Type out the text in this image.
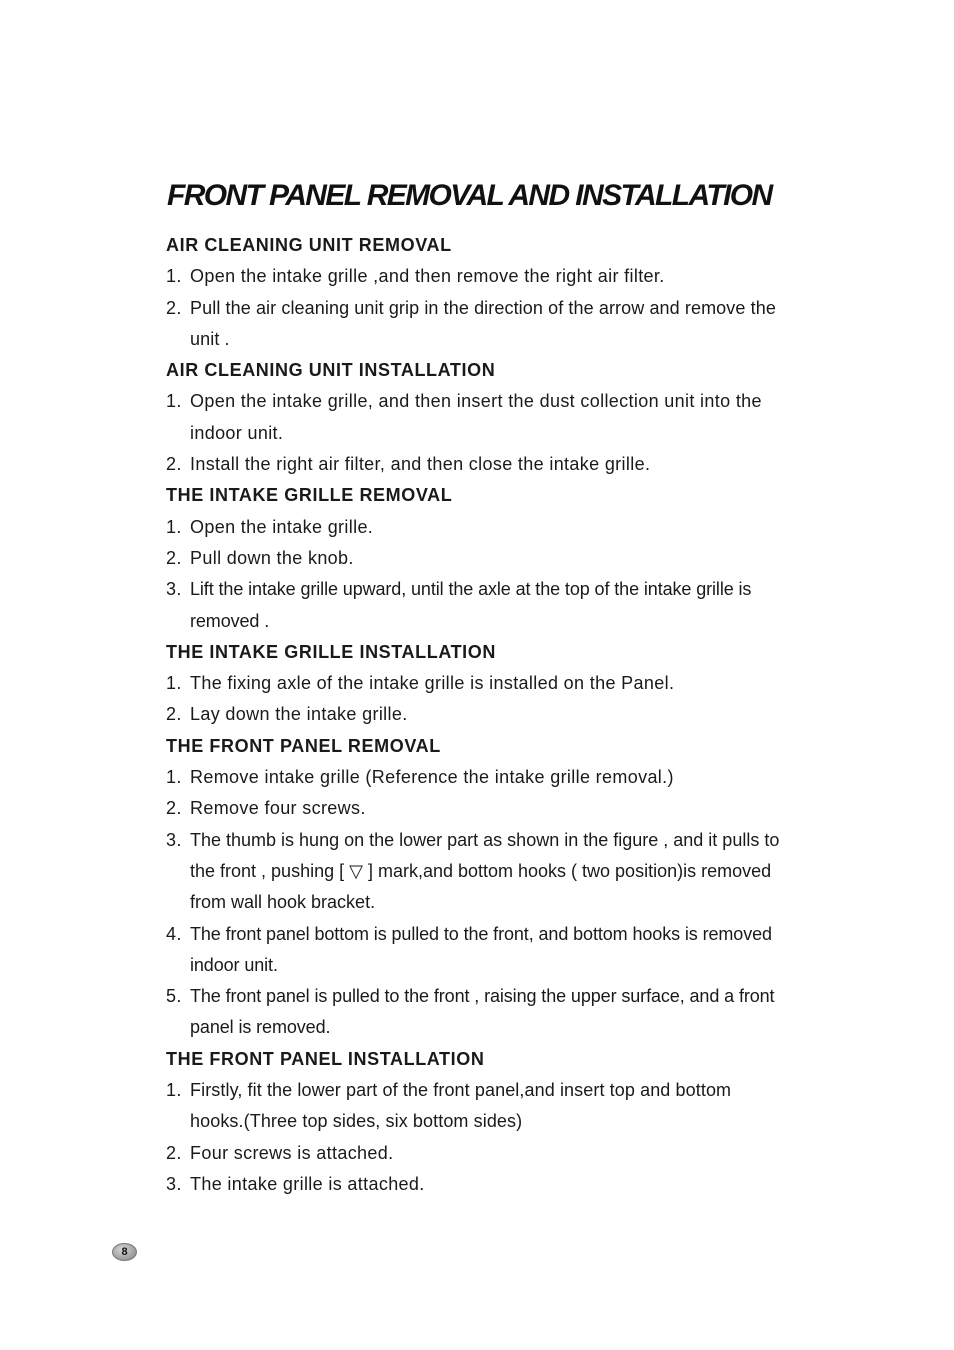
FRONT PANEL REMOVAL AND INSTALLATION
AIR CLEANING UNIT REMOVAL
1. Open the intake grille ,and then remove the right air filter.
2. Pull the air cleaning unit grip in the direction of the arrow and remove the unit .
AIR CLEANING UNIT INSTALLATION
1. Open the intake grille, and then insert the dust collection unit into the indoor unit.
2. Install the right air filter, and then close the intake grille.
THE INTAKE GRILLE REMOVAL
1. Open the intake grille.
2. Pull down the knob.
3. Lift the intake grille upward, until the axle at the top of the intake grille is removed .
THE INTAKE GRILLE INSTALLATION
1. The fixing axle of the intake grille is installed on the Panel.
2. Lay down the intake grille.
THE FRONT PANEL REMOVAL
1. Remove intake grille (Reference the intake grille removal.)
2. Remove four screws.
3. The thumb is hung on the lower part as shown in the figure , and it pulls to the front , pushing [ ▽ ] mark,and bottom hooks ( two position)is removed from wall hook bracket.
4. The front panel bottom is pulled to the front, and bottom hooks is removed indoor unit.
5. The front panel is pulled to the front , raising the upper surface, and a front panel is removed.
THE FRONT PANEL INSTALLATION
1. Firstly, fit the lower part of the front panel,and insert top and bottom hooks.(Three top sides, six bottom sides)
2. Four screws is attached.
3. The intake grille is attached.
8
